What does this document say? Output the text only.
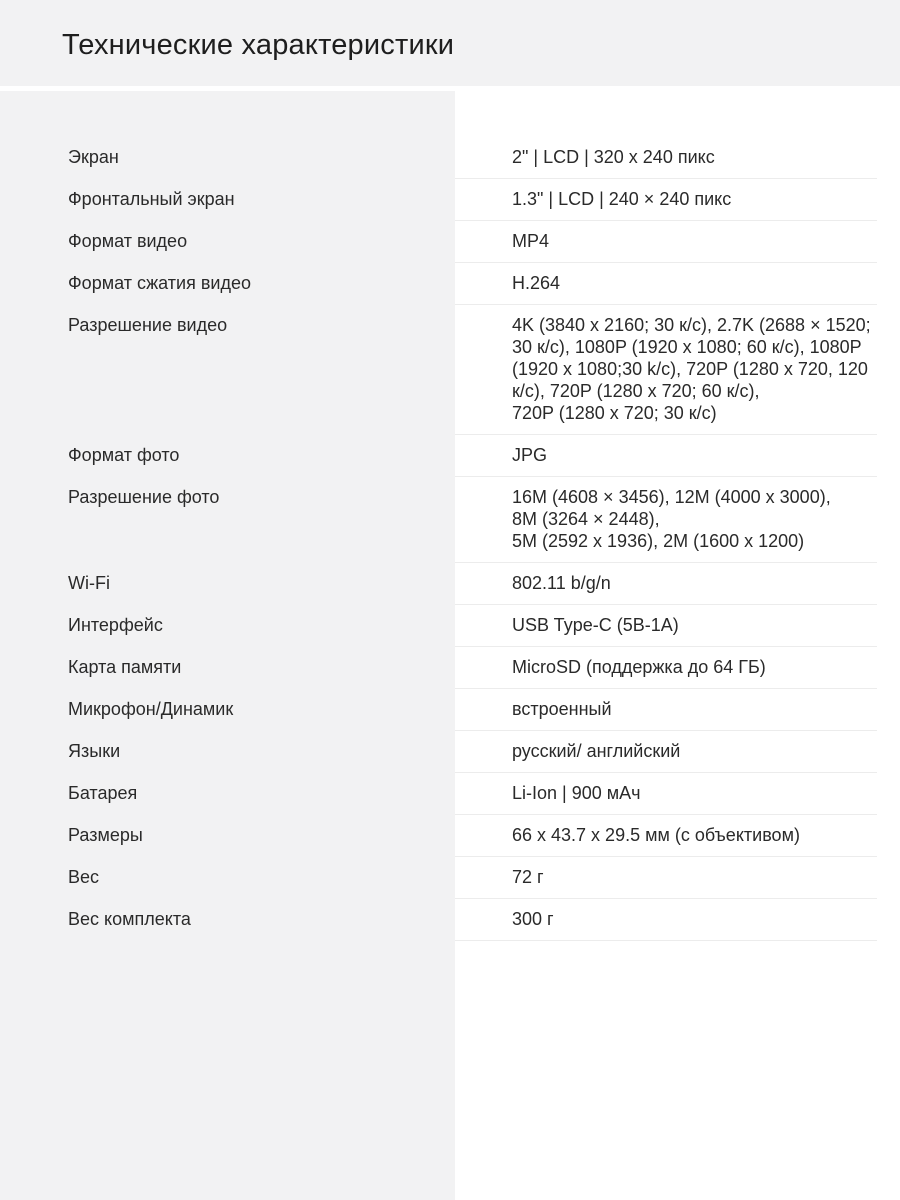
Технические характеристики
Экран	2" | LCD | 320 х 240 пикс
Фронтальный экран	1.3" | LCD | 240 × 240 пикс
Формат видео	MP4
Формат сжатия видео	H.264
Разрешение видео	4K (3840 х 2160; 30 к/с), 2.7K (2688 × 1520;
30 к/с), 1080P (1920 х 1080; 60 к/с), 1080P
(1920 х 1080;30 k/с), 720P (1280 х 720, 120
к/с), 720P (1280 х 720; 60 к/с),
720P (1280 х 720; 30 к/с)
Формат фото	JPG
Разрешение фото	16M (4608 × 3456), 12M (4000 х 3000),
8M (3264 × 2448),
5M (2592 х 1936), 2M (1600 х 1200)
Wi-Fi	802.11 b/g/n
Интерфейс	USB Type-C (5B-1A)
Карта памяти	MicroSD (поддержка до 64 ГБ)
Микрофон/Динамик	встроенный
Языки	русский/ английский
Батарея	Li-Ion | 900 мАч
Размеры	66 х 43.7 х 29.5 мм (с объективом)
Вес	72 г
Вес комплекта	300 г
